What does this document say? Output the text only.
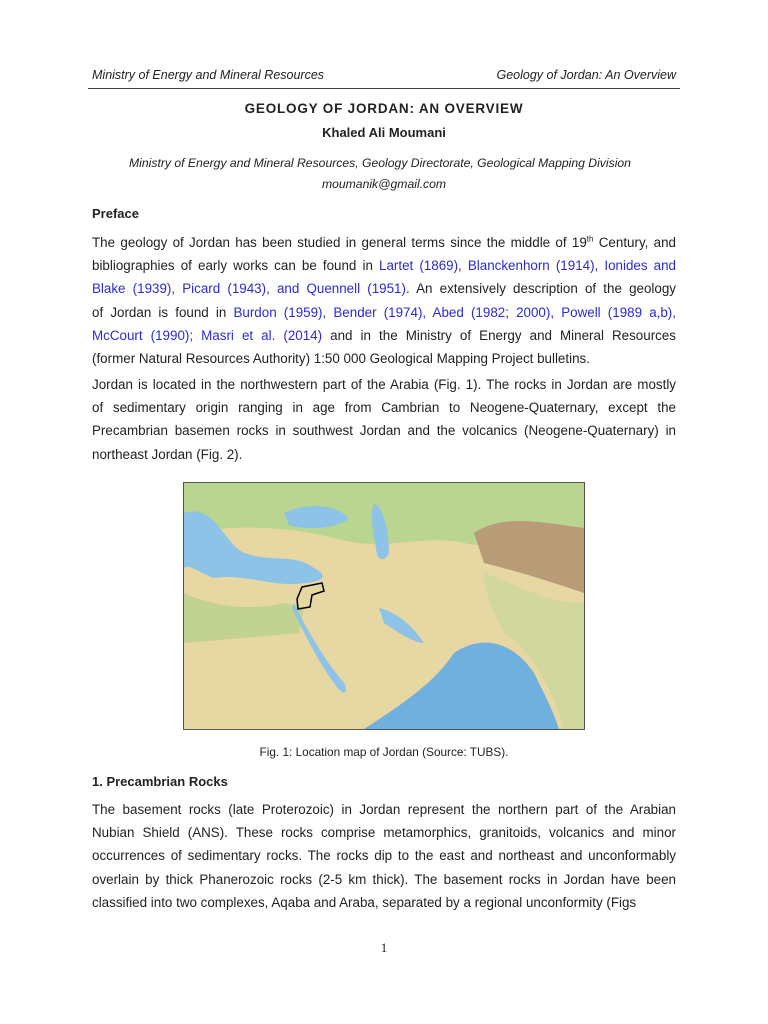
Ministry of Energy and Mineral Resources	Geology of Jordan: An Overview
GEOLOGY OF JORDAN: AN OVERVIEW
Khaled Ali Moumani
Ministry of Energy and Mineral Resources, Geology Directorate, Geological Mapping Division
moumanik@gmail.com
Preface
The geology of Jordan has been studied in general terms since the middle of 19th Century, and
bibliographies of early works can be found in Lartet (1869), Blanckenhorn (1914), Ionides and
Blake (1939), Picard (1943), and Quennell (1951). An extensively description of the geology
of Jordan is found in Burdon (1959), Bender (1974), Abed (1982; 2000), Powell (1989 a,b),
McCourt (1990); Masri et al. (2014) and in the Ministry of Energy and Mineral Resources
(former Natural Resources Authority) 1:50 000 Geological Mapping Project bulletins.
Jordan is located in the northwestern part of the Arabia (Fig. 1). The rocks in Jordan are mostly
of sedimentary origin ranging in age from Cambrian to Neogene-Quaternary, except the
Precambrian basemen rocks in southwest Jordan and the volcanics (Neogene-Quaternary) in
northeast Jordan (Fig. 2).
Fig. 1: Location map of Jordan (Source: TUBS).
1. Precambrian Rocks
The basement rocks (late Proterozoic) in Jordan represent the northern part of the Arabian
Nubian Shield (ANS). These rocks comprise metamorphics, granitoids, volcanics and minor
occurrences of sedimentary rocks. The rocks dip to the east and northeast and unconformably
overlain by thick Phanerozoic rocks (2-5 km thick). The basement rocks in Jordan have been
classified into two complexes, Aqaba and Araba, separated by a regional unconformity (Figs
1
